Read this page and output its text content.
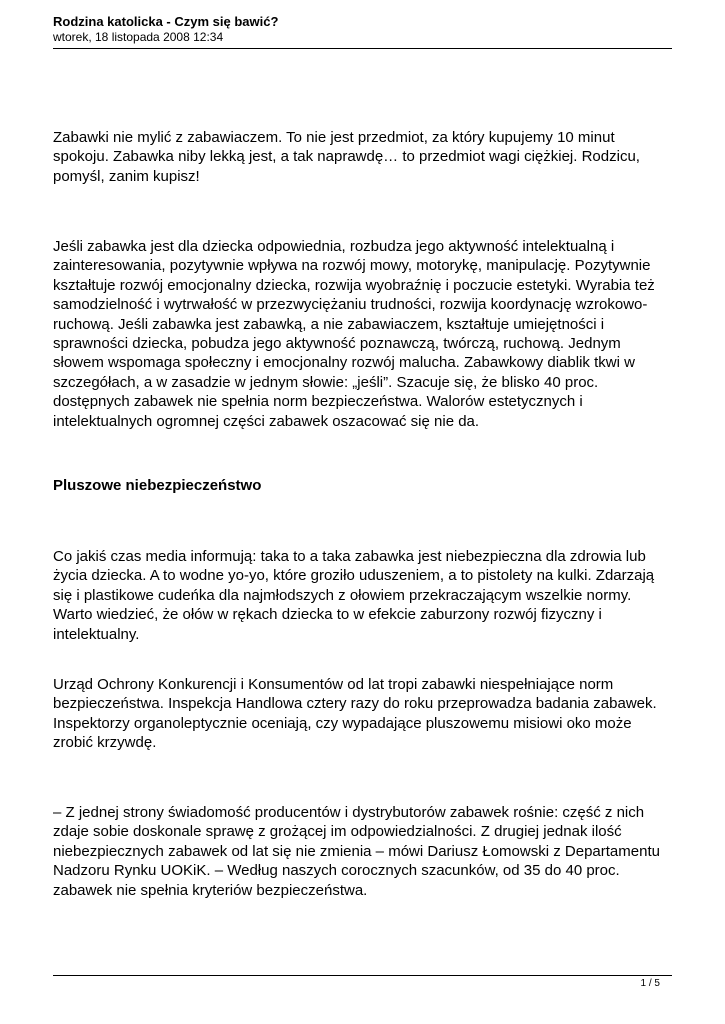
Rodzina katolicka - Czym się bawić?

wtorek, 18 listopada 2008 12:34

Zabawki nie mylić z zabawiaczem. To nie jest przedmiot, za który kupujemy 10 minut spokoju. Zabawka niby lekką jest, a tak naprawdę… to przedmiot wagi ciężkiej. Rodzicu, pomyśl, zanim kupisz!

Jeśli zabawka jest dla dziecka odpowiednia, rozbudza jego aktywność intelektualną i zainteresowania, pozytywnie wpływa na rozwój mowy, motorykę, manipulację. Pozytywnie kształtuje rozwój emocjonalny dziecka, rozwija wyobraźnię i poczucie estetyki. Wyrabia też samodzielność i wytrwałość w przezwyciężaniu trudności, rozwija koordynację wzrokowo-ruchową. Jeśli zabawka jest zabawką, a nie zabawiaczem, kształtuje umiejętności i sprawności dziecka, pobudza jego aktywność poznawczą, twórczą, ruchową. Jednym słowem wspomaga społeczny i emocjonalny rozwój malucha. Zabawkowy diablik tkwi w szczegółach, a w zasadzie w jednym słowie: „jeśli”. Szacuje się, że blisko 40 proc. dostępnych zabawek nie spełnia norm bezpieczeństwa. Walorów estetycznych i intelektualnych ogromnej części zabawek oszacować się nie da.

Pluszowe niebezpieczeństwo

Co jakiś czas media informują: taka to a taka zabawka jest niebezpieczna dla zdrowia lub życia dziecka. A to wodne yo-yo, które groziło uduszeniem, a to pistolety na kulki. Zdarzają się i plastikowe cudeńka dla najmłodszych z ołowiem przekraczającym wszelkie normy. Warto wiedzieć, że ołów w rękach dziecka to w efekcie zaburzony rozwój fizyczny i intelektualny.

Urząd Ochrony Konkurencji i Konsumentów od lat tropi zabawki niespełniające norm bezpieczeństwa. Inspekcja Handlowa cztery razy do roku przeprowadza badania zabawek. Inspektorzy organoleptycznie oceniają, czy wypadające pluszowemu misiowi oko może zrobić krzywdę.

– Z jednej strony świadomość producentów i dystrybutorów zabawek rośnie: część z nich zdaje sobie doskonale sprawę z grożącej im odpowiedzialności. Z drugiej jednak ilość niebezpiecznych zabawek od lat się nie zmienia – mówi Dariusz Łomowski z Departamentu Nadzoru Rynku UOKiK. – Według naszych corocznych szacunków, od 35 do 40 proc. zabawek nie spełnia kryteriów bezpieczeństwa.

1 / 5
